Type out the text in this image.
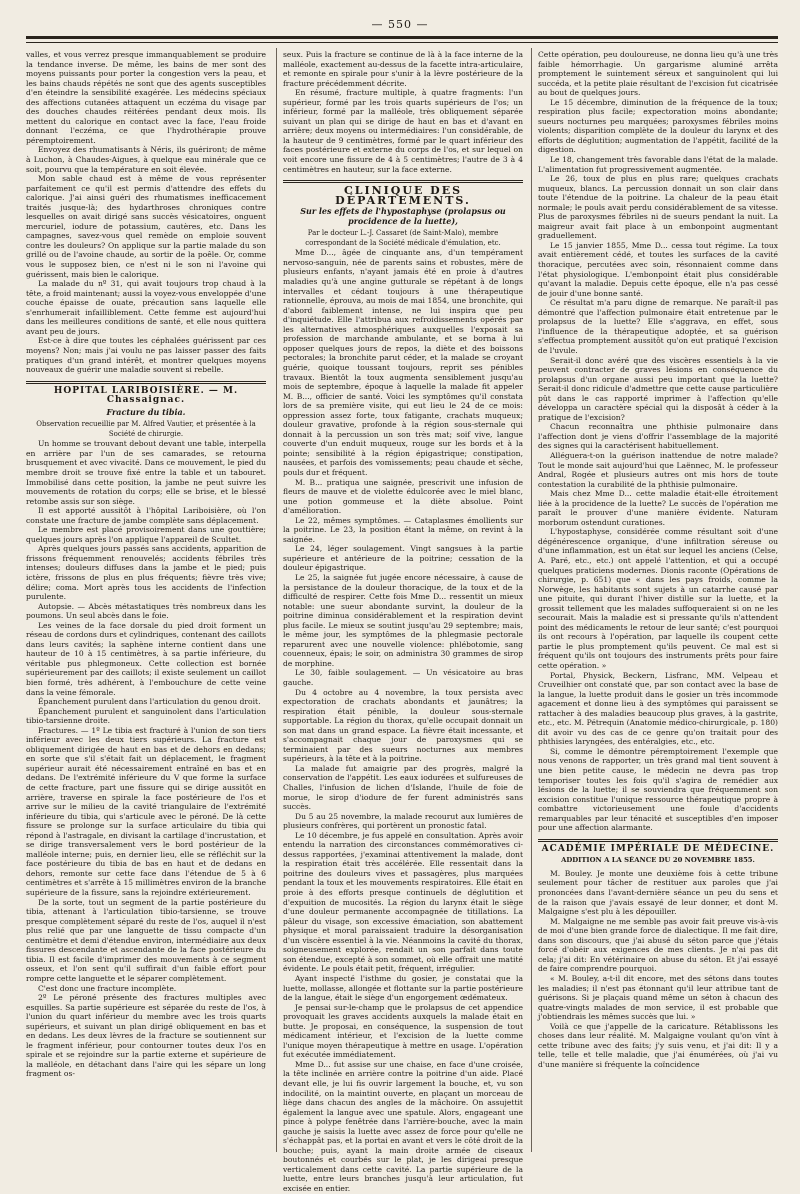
— 550 —

valles, et vous verrez presque immanquablement se produire la tendance inverse. De même, les bains de mer sont des moyens puissants pour porter la congestion vers la peau, et les bains chauds répétés ne sont que des agents susceptibles d'en éteindre la sensibilité exagérée. Les médecins spéciaux des affections cutanées attaquent un eczéma du visage par des douches chaudes réitérées pendant deux mois. Ils mettent du calorique en contact avec la face, l'eau froide donnant l'eczéma, ce que l'hydrothérapie prouve péremptoirement.

Envoyez des rhumatisants à Néris, ils guériront; de même à Luchon, à Chaudes-Aigues, à quelque eau minérale que ce soit, pourvu que la température en soit élevée.

Mon sable chaud est à même de vous représenter parfaitement ce qu'il est permis d'attendre des effets du calorique. J'ai ainsi guéri des rhumatismes inefficacement traités jusque-là; des hydarthroses chroniques contre lesquelles on avait dirigé sans succès vésicatoires, onguent mercuriel, iodure de potassium, cautères, etc. Dans les campagnes, savez-vous quel remède on emploie souvent contre les douleurs? On applique sur la partie malade du son grillé ou de l'avoine chaude, au sortir de la poêle. Or, comme vous le supposez bien, ce n'est ni le son ni l'avoine qui guérissent, mais bien le calorique.

La malade du nº 31, qui avait toujours trop chaud à la tête, a froid maintenant; aussi la voyez-vous enveloppée d'une couche épaisse de ouate, précaution sans laquelle elle s'enrhumerait infailliblement. Cette femme est aujourd'hui dans les meilleures conditions de santé, et elle nous quittera avant peu de jours.

Est-ce à dire que toutes les céphalées guérissent par ces moyens? Non; mais j'ai voulu ne pas laisser passer des faits pratiques d'un grand intérêt, et montrer quelques moyens nouveaux de guérir une maladie souvent si rebelle.

HOPITAL LARIBOISIÈRE. — M. Chassaignac.
Fracture du tibia.

Observation recueillie par M. Alfred Vautier, et présentée à la Société de chirurgie.

Un homme se trouvant debout devant une table, interpella en arrière par l'un de ses camarades, se retourna brusquement et avec vivacité. Dans ce mouvement, le pied du membre droit se trouve fixé entre la table et un tabouret. Immobilisé dans cette position, la jambe ne peut suivre les mouvements de rotation du corps; elle se brise, et le blessé retombe assis sur son siège.

Il est apporté aussitôt à l'hôpital Lariboisière, où l'on constate une fracture de jambe complète sans déplacement.

Le membre est placé provisoirement dans une gouttière; quelques jours après l'on applique l'appareil de Scultet.

Après quelques jours passés sans accidents, apparition de frissons fréquemment renouvelés; accidents fébriles très intenses; douleurs diffuses dans la jambe et le pied; puis ictère, frissons de plus en plus fréquents; fièvre très vive; délire; coma. Mort après tous les accidents de l'infection purulente.

Autopsie. — Abcès métastatiques très nombreux dans les poumons. Un seul abcès dans le foie.

Les veines de la face dorsale du pied droit forment un réseau de cordons durs et cylindriques, contenant des caillots dans leurs cavités; la saphène interne contient dans une hauteur de 10 à 15 centimètres, à sa partie inférieure, du véritable pus phlegmoneux. Cette collection est bornée supérieurement par des caillots; il existe seulement un caillot bien formé, très adhérent, à l'embouchure de cette veine dans la veine fémorale.

Épanchement purulent dans l'articulation du genou droit.

Épanchement purulent et sanguinolent dans l'articulation tibio-tarsienne droite.

Fractures. — 1º Le tibia est fracturé à l'union de son tiers inférieur avec les deux tiers supérieurs. La fracture est obliquement dirigée de haut en bas et de dehors en dedans; en sorte que s'il s'était fait un déplacement, le fragment supérieur aurait été nécessairement entraîné en bas et en dedans. De l'extrémité inférieure du V que forme la surface de cette fracture, part une fissure qui se dirige aussitôt en arrière, traverse en spirale la face postérieure de l'os et arrive sur le milieu de la cavité triangulaire de l'extrémité inférieure du tibia, qui s'articule avec le péroné. De là cette fissure se prolonge sur la surface articulaire du tibia qui répond à l'astragale, en divisant la cartilage d'incrustation, et se dirige transversalement vers le bord postérieur de la malléole interne; puis, en dernier lieu, elle se réfléchit sur la face postérieure du tibia de bas en haut et de dedans en dehors, remonte sur cette face dans l'étendue de 5 à 6 centimètres et s'arrête à 15 millimètres environ de la branche supérieure de la fissure, sans la rejoindre extérieurement.

De la sorte, tout un segment de la partie postérieure du tibia, attenant à l'articulation tibio-tarsienne, se trouve presque complètement séparé du reste de l'os, auquel il n'est plus relié que par une languette de tissu compacte d'un centimètre et demi d'étendue environ, intermédiaire aux deux fissures descendante et ascendante de la face postérieure du tibia. Il est facile d'imprimer des mouvements à ce segment osseux, et l'on sent qu'il suffirait d'un faible effort pour rompre cette languette et le séparer complètement.

C'est donc une fracture incomplète.

2º Le péroné présente des fractures multiples avec esquilles. Sa partie supérieure est séparée du reste de l'os, à l'union du quart inférieur du membre avec les trois quarts supérieurs, et suivant un plan dirigé obliquement en bas et en dedans. Les deux lèvres de la fracture se soutiennent sur le fragment inférieur, pour contourner toutes deux l'os en spirale et se rejoindre sur la partie externe et supérieure de la malléole, en détachant dans l'aire qui les sépare un long fragment os-

seux. Puis la fracture se continue de là à la face interne de la malléole, exactement au-dessus de la facette intra-articulaire, et remonte en spirale pour s'unir à la lèvre postérieure de la fracture précédemment décrite.

En résumé, fracture multiple, à quatre fragments: l'un supérieur, formé par les trois quarts supérieurs de l'os; un inférieur, formé par la malléole, très obliquement séparée suivant un plan qui se dirige de haut en bas et d'avant en arrière; deux moyens ou intermédiaires: l'un considérable, de la hauteur de 9 centimètres, formé par le quart inférieur des faces postérieure et externe du corps de l'os, et sur lequel on voit encore une fissure de 4 à 5 centimètres; l'autre de 3 à 4 centimètres en hauteur, sur la face externe.

CLINIQUE DES DÉPARTEMENTS.
Sur les effets de l'hypostaphyse (prolapsus ou procidence de la luette),

Par le docteur L.-J. Cassaret (de Saint-Malo), membre correspondant de la Société médicale d'émulation, etc.

Mme D..., âgée de cinquante ans, d'un tempérament nervoso-sanguin, née de parents sains et robustes, mère de plusieurs enfants, n'ayant jamais été en proie à d'autres maladies qu'à une angine gutturale se répétant à de longs intervalles et cédant toujours à une thérapeutique rationnelle, éprouva, au mois de mai 1854, une bronchite, qui d'abord faiblement intense, ne lui inspira que peu d'inquiétude. Elle l'attribua aux refroidissements opérés par les alternatives atmosphériques auxquelles l'exposait sa profession de marchande ambulante, et se borna à lui opposer quelques jours de repos, la diète et des boissons pectorales; la bronchite parut céder, et la malade se croyant guérie, quoique toussant toujours, reprit ses pénibles travaux. Bientôt la toux augmenta sensiblement jusqu'au mois de septembre, époque à laquelle la malade fit appeler M. B..., officier de santé. Voici les symptômes qu'il constata lors de sa première visite, qui eut lieu le 24 de ce mois: oppression assez forte, toux fatigante, crachats muqueux; douleur gravative, profonde à la région sous-sternale qui donnait à la percussion un son très mat; soif vive, langue couverte d'un enduit muqueux, rouge sur les bords et à la pointe; sensibilité à la région épigastrique; constipation, nausées, et parfois des vomissements; peau chaude et sèche, pouls dur et fréquent.

M. B... pratiqua une saignée, prescrivit une infusion de fleurs de mauve et de violette édulcorée avec le miel blanc, une potion gommeuse et la diète absolue. Point d'amélioration.

Le 22, mêmes symptômes. — Cataplasmes émollients sur la poitrine. Le 23, la position étant la même, on revint à la saignée.

Le 24, léger soulagement. Vingt sangsues à la partie supérieure et antérieure de la poitrine; cessation de la douleur épigastrique.

Le 25, la saignée fut jugée encore nécessaire, à cause de la persistance de la douleur thoracique, de la toux et de la difficulté de respirer. Cette fois Mme D... ressentit un mieux notable: une sueur abondante survint, la douleur de la poitrine diminua considérablement et la respiration devint plus facile. Le mieux se soutint jusqu'au 29 septembre; mais, le même jour, les symptômes de la phlegmasie pectorale reparurent avec une nouvelle violence: phlébotomie, sang couenneux, épais; le soir, on administra 30 grammes de sirop de morphine.

Le 30, faible soulagement. — Un vésicatoire au bras gauche.

Du 4 octobre au 4 novembre, la toux persista avec expectoration de crachats abondants et jaunâtres; la respiration était pénible, la douleur sous-sternale supportable. La région du thorax, qu'elle occupait donnait un son mat dans un grand espace. La fièvre était incessante, et s'accompagnait chaque jour de paroxysmes qui se terminaient par des sueurs nocturnes aux membres supérieurs, à la tête et à la poitrine.

La malade fut amaigrie par des progrès, malgré la conservation de l'appétit. Les eaux iodurées et sulfureuses de Challes, l'infusion de lichen d'Islande, l'huile de foie de morue, le sirop d'iodure de fer furent administrés sans succès.

Du 5 au 25 novembre, la malade recourut aux lumières de plusieurs confrères, qui portèrent un pronostic fatal.

Le 10 décembre, je fus appelé en consultation. Après avoir entendu la narration des circonstances commémoratives ci-dessus rapportées, j'examinai attentivement la malade, dont la respiration était très accélérée. Elle ressentait dans la poitrine des douleurs vives et passagères, plus marquées pendant la toux et les mouvements respiratoires. Elle était en proie à des efforts presque continuels de déglutition et d'expuition de mucosités. La région du larynx était le siège d'une douleur permanente accompagnée de titillations. La pâleur du visage, son excessive émaciation, son abattement physique et moral paraissaient traduire la désorganisation d'un viscère essentiel à la vie. Néanmoins la cavité du thorax, soigneusement explorée, rendait un son parfait dans toute son étendue, excepté à son sommet, où elle offrait une matité évidente. Le pouls était petit, fréquent, irrégulier.

Ayant inspecté l'isthme du gosier, je constatai que la luette, mollasse, allongée et flottante sur la partie postérieure de la langue, était le siège d'un engorgement œdémateux.

Je pensai sur-le-champ que le prolapsus de cet appendice provoquait les graves accidents auxquels la malade était en butte. Je proposai, en conséquence, la suspension de tout médicament intérieur, et l'excision de la luette comme l'unique moyen thérapeutique à mettre en usage. L'opération fut exécutée immédiatement.

Mme D... fut assise sur une chaise, en face d'une croisée, la tête inclinée en arrière contre la poitrine d'un aide. Placé devant elle, je lui fis ouvrir largement la bouche, et, vu son indocilité, on la maintint ouverte, en plaçant un morceau de liège dans chacun des angles de la mâchoire. On assujettit également la langue avec une spatule. Alors, engageant une pince à polype fenêtrée dans l'arrière-bouche, avec la main gauche je saisis la luette avec assez de force pour qu'elle ne s'échappât pas, et la portai en avant et vers le côté droit de la bouche; puis, ayant la main droite armée de ciseaux boutonnés et courbés sur le plat, je les dirigeai presque verticalement dans cette cavité. La partie supérieure de la luette, entre leurs branches jusqu'à leur articulation, fut excisée en entier.

Cette opération, peu douloureuse, ne donna lieu qu'à une très faible hémorrhagie. Un gargarisme aluminé arrêta promptement le suintement séreux et sanguinolent qui lui succéda, et la petite plaie résultant de l'excision fut cicatrisée au bout de quelques jours.

Le 15 décembre, diminution de la fréquence de la toux; respiration plus facile; expectoration moins abondante; sueurs nocturnes peu marquées; paroxysmes fébriles moins violents; disparition complète de la douleur du larynx et des efforts de déglutition; augmentation de l'appétit, facilité de la digestion.

Le 18, changement très favorable dans l'état de la malade. L'alimentation fut progressivement augmentée.

Le 26, toux de plus en plus rare; quelques crachats muqueux, blancs. La percussion donnait un son clair dans toute l'étendue de la poitrine. La chaleur de la peau était normale; le pouls avait perdu considérablement de sa vitesse. Plus de paroxysmes fébriles ni de sueurs pendant la nuit. La maigreur avait fait place à un embonpoint augmentant graduellement.

Le 15 janvier 1855, Mme D... cessa tout régime. La toux avait entièrement cédé, et toutes les surfaces de la cavité thoracique, percutées avec soin, résonnaient comme dans l'état physiologique. L'embonpoint était plus considérable qu'avant la maladie. Depuis cette époque, elle n'a pas cessé de jouir d'une bonne santé.

Ce résultat m'a paru digne de remarque. Ne paraît-il pas démontré que l'affection pulmonaire était entretenue par le prolapsus de la luette? Elle s'aggrava, en effet, sous l'influence de la thérapeutique adoptée, et sa guérison s'effectua promptement aussitôt qu'on eut pratiqué l'excision de l'uvule.

Serait-il donc avéré que des viscères essentiels à la vie peuvent contracter de graves lésions en conséquence du prolapsus d'un organe aussi peu important que la luette? Serait-il donc ridicule d'admettre que cette cause particulière pût dans le cas rapporté imprimer à l'affection qu'elle développa un caractère spécial qui la disposât à céder à la pratique de l'excision?

Chacun reconnaîtra une phthisie pulmonaire dans l'affection dont je viens d'offrir l'assemblage de la majorité des signes qui la caractérisent habituellement.

Alléguera-t-on la guérison inattendue de notre malade? Tout le monde sait aujourd'hui que Laënnec, M. le professeur Andral, Rogée et plusieurs autres ont mis hors de toute contestation la curabilité de la phthisie pulmonaire.

Mais chez Mme D... cette maladie était-elle étroitement liée à la procidence de la luette? Le succès de l'opération me paraît le prouver d'une manière évidente. Naturam morborum ostendunt curationes.

L'hypostaphyse, considérée comme résultant soit d'une dégénérescence organique, d'une infiltration séreuse ou d'une inflammation, est un état sur lequel les anciens (Celse, A. Paré, etc., etc.) ont appelé l'attention, et qui a occupé quelques praticiens modernes. Dionis raconte (Opérations de chirurgie, p. 651) que « dans les pays froids, comme la Norwège, les habitants sont sujets à un catarrhe causé par une pituite, qui durant l'hiver distille sur la luette, et la grossit tellement que les malades suffoqueraient si on ne les secourait. Mais la maladie est si pressante qu'ils n'attendent point des médicaments le retour de leur santé; c'est pourquoi ils ont recours à l'opération, par laquelle ils coupent cette partie le plus promptement qu'ils peuvent. Ce mal est si fréquent qu'ils ont toujours des instruments prêts pour faire cette opération. »

Portal, Physick, Beckern, Lisfranc, MM. Velpeau et Cruveilhier ont constaté que, par son contact avec la base de la langue, la luette produit dans le gosier un très incommode agacement et donne lieu à des symptômes qui paraissent se rattacher à des maladies beaucoup plus graves, à la gastrite, etc., etc. M. Pétrequin (Anatomie médico-chirurgicale, p. 180) dit avoir vu des cas de ce genre qu'on traitait pour des phthisies laryngées, des entéralgies, etc., etc.

Si, comme le démontre péremptoirement l'exemple que nous venons de rapporter, un très grand mal tient souvent à une bien petite cause, le médecin ne devra pas trop temporiser toutes les fois qu'il s'agira de remédier aux lésions de la luette; il se souviendra que fréquemment son excision constitue l'unique ressource thérapeutique propre à combattre victorieusement une foule d'accidents remarquables par leur ténacité et susceptibles d'en imposer pour une affection alarmante.

ACADÉMIE IMPÉRIALE DE MÉDECINE.
ADDITION A LA SÉANCE DU 20 NOVEMBRE 1855.

M. Bouley. Je monte une deuxième fois à cette tribune seulement pour tâcher de restituer aux paroles que j'ai prononcées dans l'avant-dernière séance un peu du sens et de la raison que j'avais essayé de leur donner, et dont M. Malgaigne s'est plu à les dépouiller.

M. Malgaigne ne me semble pas avoir fait preuve vis-à-vis de moi d'une bien grande force de dialectique. Il me fait dire, dans son discours, que j'ai abusé du séton parce que j'étais forcé d'obéir aux exigences de mes clients. Je n'ai pas dit cela; j'ai dit: En vétérinaire on abuse du séton. Et j'ai essayé de faire comprendre pourquoi.

« M. Bouley, a-t-il dit encore, met des sétons dans toutes les maladies; il n'est pas étonnant qu'il leur attribue tant de guérisons. Si je plaçais quand même un séton à chacun des quatre-vingts malades de mon service, il est probable que j'obtiendrais les mêmes succès que lui. »

Voilà ce que j'appelle de la caricature. Rétablissons les choses dans leur réalité. M. Malgaigne voulant qu'on vînt à cette tribune avec des faits; j'y suis venu, et j'ai dit: Il y a telle, telle et telle maladie, que j'ai énumérées, où j'ai vu d'une manière si fréquente la coïncidence
